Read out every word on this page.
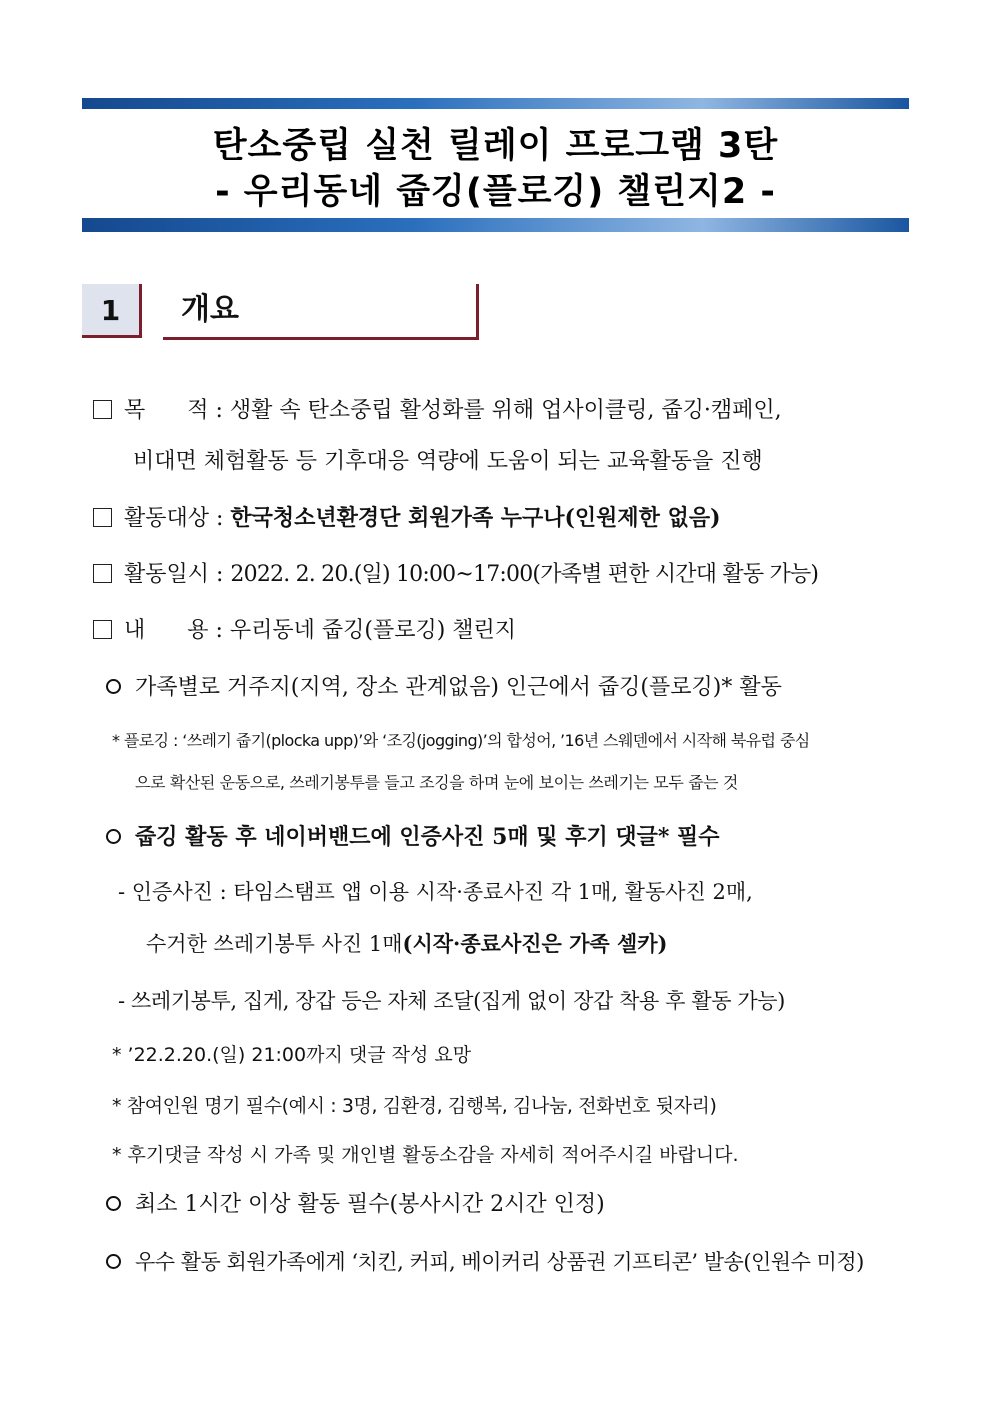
탄소중립 실천 릴레이 프로그램 3탄
- 우리동네 줍깅(플로깅) 챌린지2 -
1	개요
목      적 : 생활 속 탄소중립 활성화를 위해 업사이클링, 줍깅·캠페인,
비대면 체험활동 등 기후대응 역량에 도움이 되는 교육활동을 진행
활동대상 : 한국청소년환경단 회원가족 누구나(인원제한 없음)
활동일시 : 2022. 2. 20.(일) 10:00~17:00(가족별 편한 시간대 활동 가능)
내      용 : 우리동네 줍깅(플로깅) 챌린지
가족별로 거주지(지역, 장소 관계없음) 인근에서 줍깅(플로깅)* 활동
* 플로깅 : ‘쓰레기 줍기(plocka upp)’와 ‘조깅(jogging)’의 합성어, ’16년 스웨덴에서 시작해 북유럽 중심
으로 확산된 운동으로, 쓰레기봉투를 들고 조깅을 하며 눈에 보이는 쓰레기는 모두 줍는 것
줍깅 활동 후 네이버밴드에 인증사진 5매 및 후기 댓글* 필수
- 인증사진 : 타임스탬프 앱 이용 시작·종료사진 각 1매, 활동사진 2매,
수거한 쓰레기봉투 사진 1매(시작·종료사진은 가족 셀카)
- 쓰레기봉투, 집게, 장갑 등은 자체 조달(집게 없이 장갑 착용 후 활동 가능)
* ’22.2.20.(일) 21:00까지 댓글 작성 요망
* 참여인원 명기 필수(예시 : 3명, 김환경, 김행복, 김나눔, 전화번호 뒷자리)
* 후기댓글 작성 시 가족 및 개인별 활동소감을 자세히 적어주시길 바랍니다.
최소 1시간 이상 활동 필수(봉사시간 2시간 인정)
우수 활동 회원가족에게 ‘치킨, 커피, 베이커리 상품권 기프티콘’ 발송(인원수 미정)
